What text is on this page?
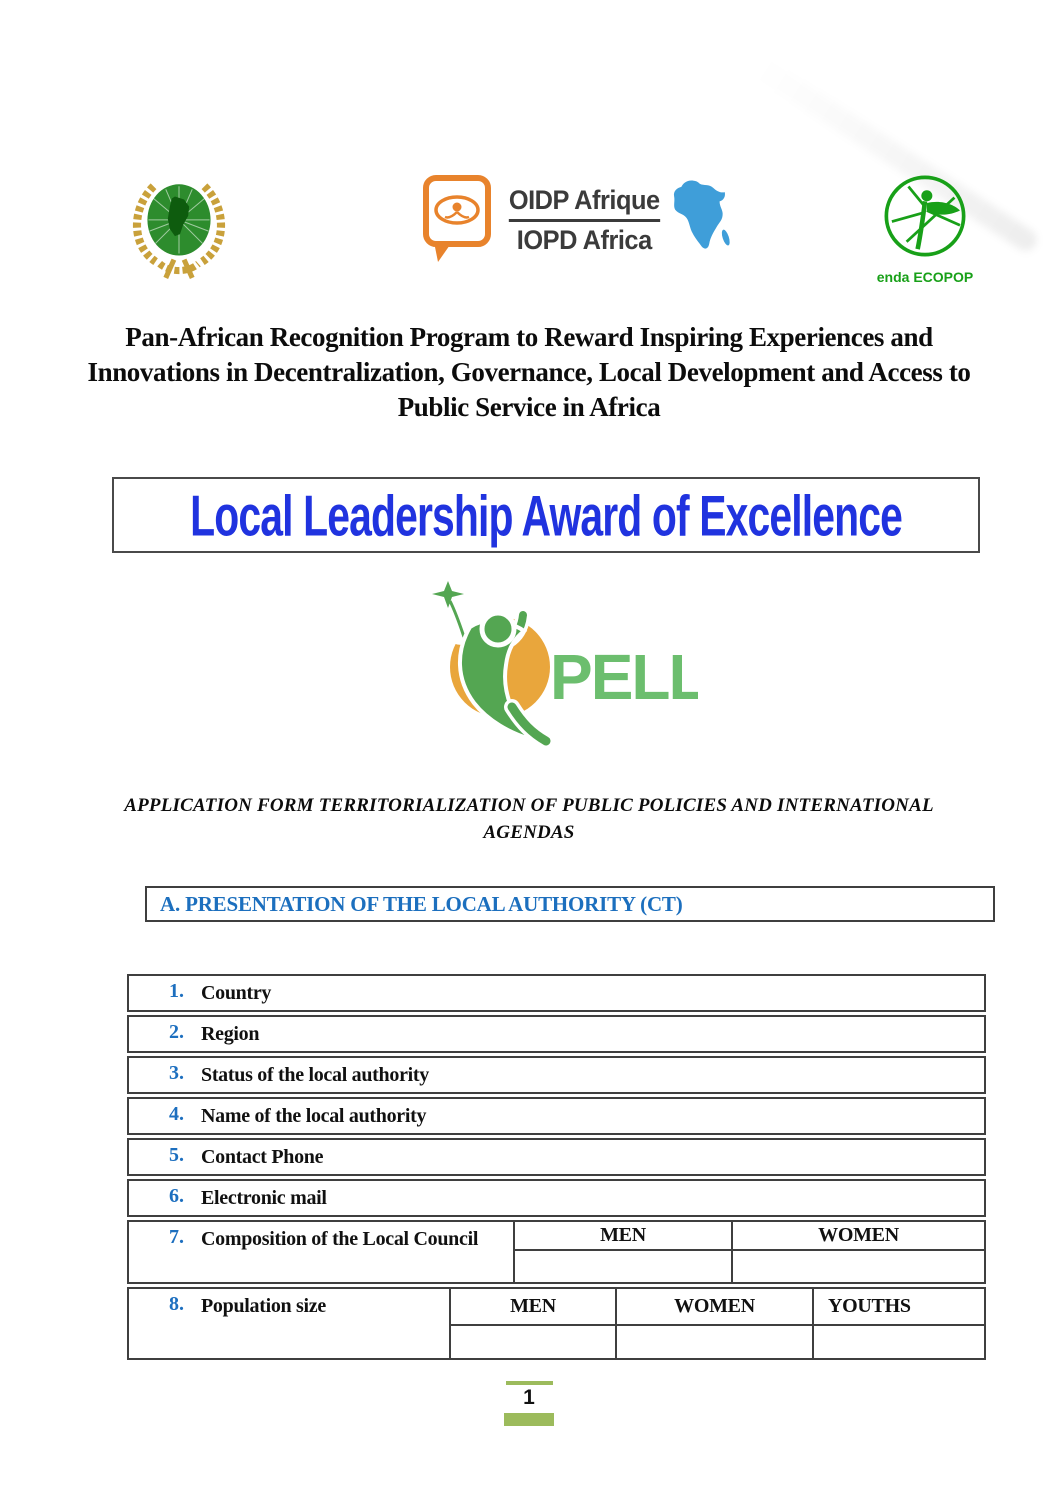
OIDP Afrique
IOPD Africa
enda ECOPOP
Pan-African Recognition Program to Reward Inspiring Experiences and Innovations in Decentralization, Governance, Local Development and Access to Public Service in Africa
Local Leadership Award of Excellence
PELL
APPLICATION FORM TERRITORIALIZATION OF PUBLIC POLICIES AND INTERNATIONAL AGENDAS
A. PRESENTATION OF THE LOCAL AUTHORITY (CT)
1. Country
2. Region
3. Status of the local authority
4. Name of the local authority
5. Contact Phone
6. Electronic mail
7. Composition of the Local Council	MEN	WOMEN
8. Population size	MEN	WOMEN	YOUTHS
1
